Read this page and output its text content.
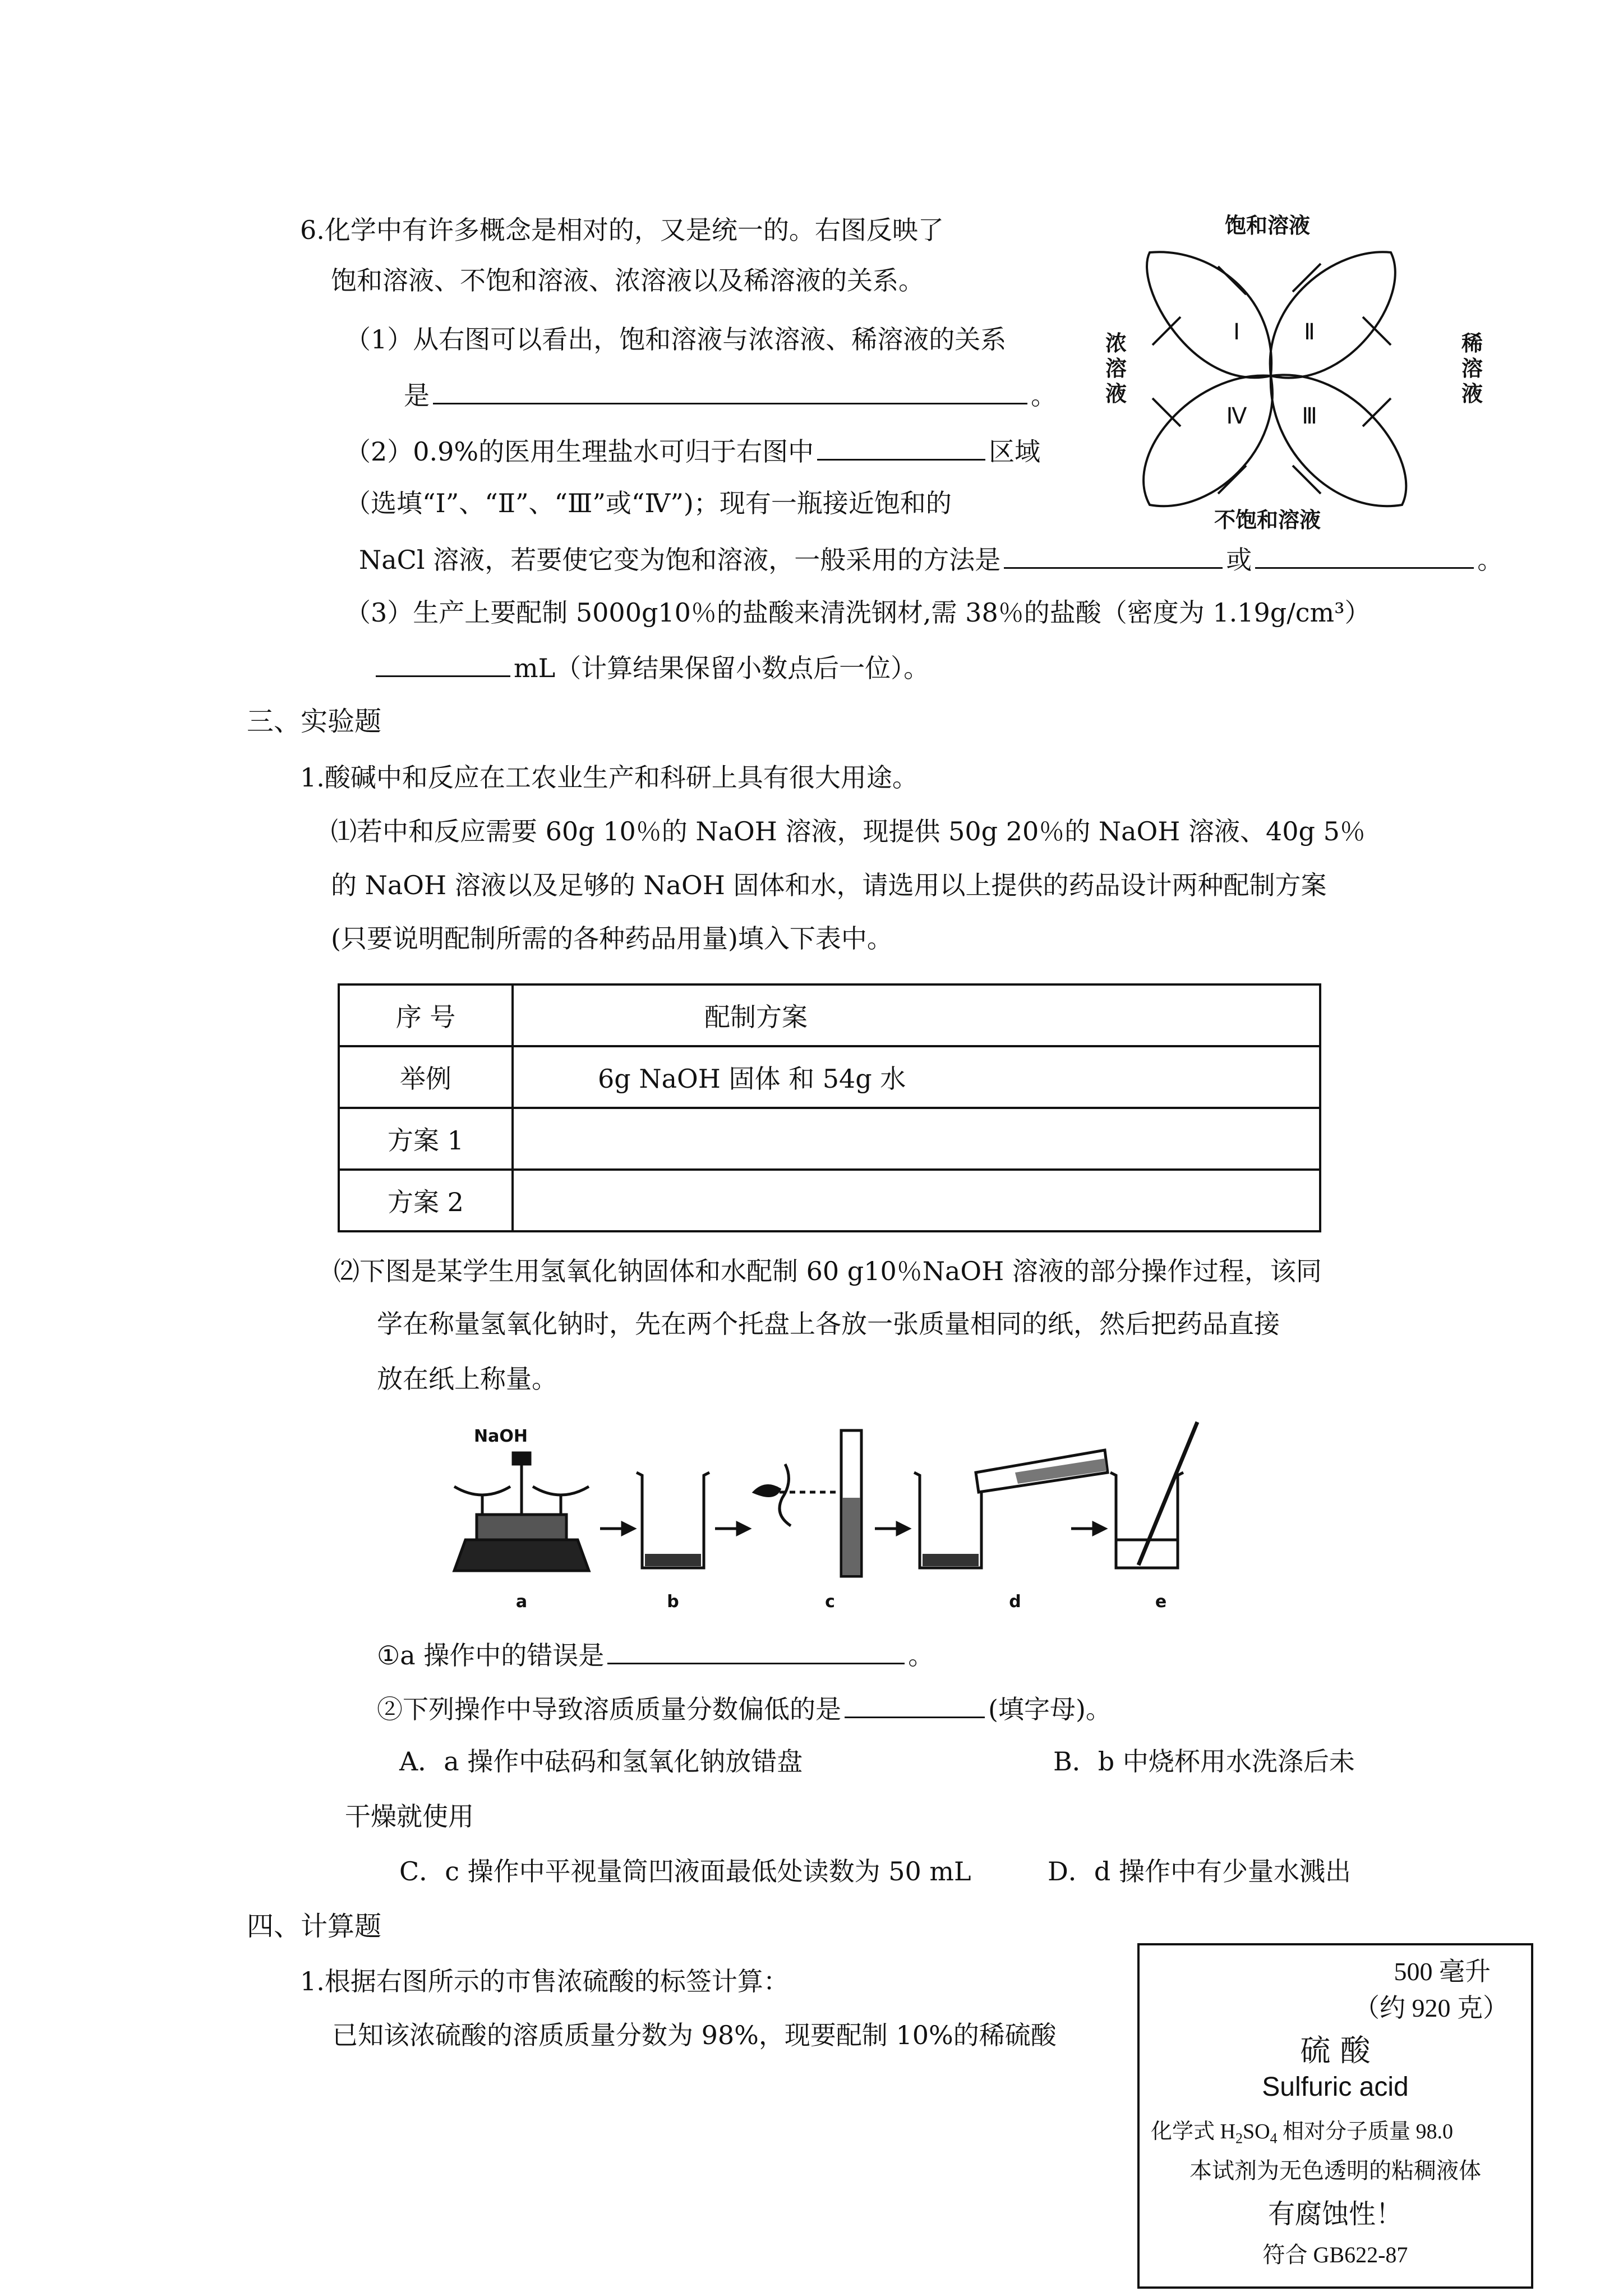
6.化学中有许多概念是相对的，又是统一的。右图反映了
饱和溶液、不饱和溶液、浓溶液以及稀溶液的关系。
（1）从右图可以看出，饱和溶液与浓溶液、稀溶液的关系
是	。
（2）0.9%的医用生理盐水可归于右图中	区域
（选填“Ⅰ”、“Ⅱ”、“Ⅲ”或“Ⅳ”)；现有一瓶接近饱和的
NaCl 溶液，若要使它变为饱和溶液，一般采用的方法是	或	。
（3）生产上要配制 5000g10％的盐酸来清洗钢材,需 38％的盐酸（密度为 1.19g/cm³）
mL（计算结果保留小数点后一位）。
饱和溶液
不饱和溶液
浓
溶
液
稀
溶
液
Ⅰ	Ⅱ
Ⅲ
Ⅳ
三、实验题
1.酸碱中和反应在工农业生产和科研上具有很大用途。
⑴若中和反应需要 60g 10％的 NaOH 溶液，现提供 50g 20％的 NaOH 溶液、40g 5％
的 NaOH 溶液以及足够的 NaOH 固体和水，请选用以上提供的药品设计两种配制方案
(只要说明配制所需的各种药品用量)填入下表中。
序 号	配制方案
举例	6g NaOH 固体 和 54g 水
方案 1	
方案 2	
⑵下图是某学生用氢氧化钠固体和水配制 60 g10％NaOH 溶液的部分操作过程，该同
学在称量氢氧化钠时，先在两个托盘上各放一张质量相同的纸，然后把药品直接
放在纸上称量。
NaOH
a	b	c	d	e
①a 操作中的错误是	。
②下列操作中导致溶质质量分数偏低的是	(填字母)。
A．a 操作中砝码和氢氧化钠放错盘	B．b 中烧杯用水洗涤后未
干燥就使用
C．c 操作中平视量筒凹液面最低处读数为 50 mL	D．d 操作中有少量水溅出
四、计算题
1.根据右图所示的市售浓硫酸的标签计算：
已知该浓硫酸的溶质质量分数为 98%，现要配制 10%的稀硫酸
500 毫升
（约 920 克）
硫 酸
Sulfuric acid
化学式 $H_2SO_4$ 相对分子质量 98.0
本试剂为无色透明的粘稠液体
有腐蚀性！
符合 GB622-87
